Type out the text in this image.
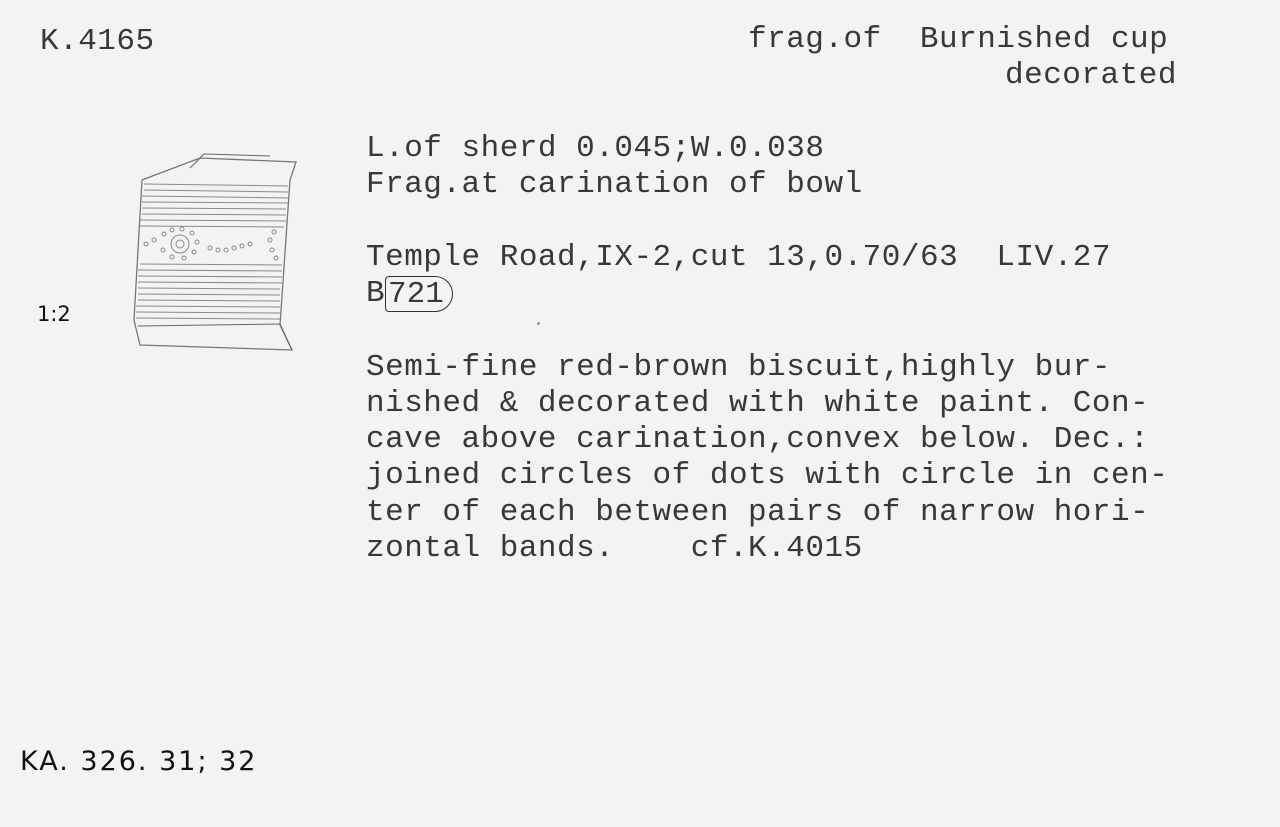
K.4165	frag.of  Burnished cup
decorated
1:2
L.of sherd 0.045;W.0.038
Frag.at carination of bowl
Temple Road,IX-2,cut 13,0.70/63  LIV.27
B 721
Semi-fine red-brown biscuit,highly bur-
nished & decorated with white paint. Con-
cave above carination,convex below. Dec.:
joined circles of dots with circle in cen-
ter of each between pairs of narrow hori-
zontal bands.    cf.K.4015
KA. 326. 31; 32
